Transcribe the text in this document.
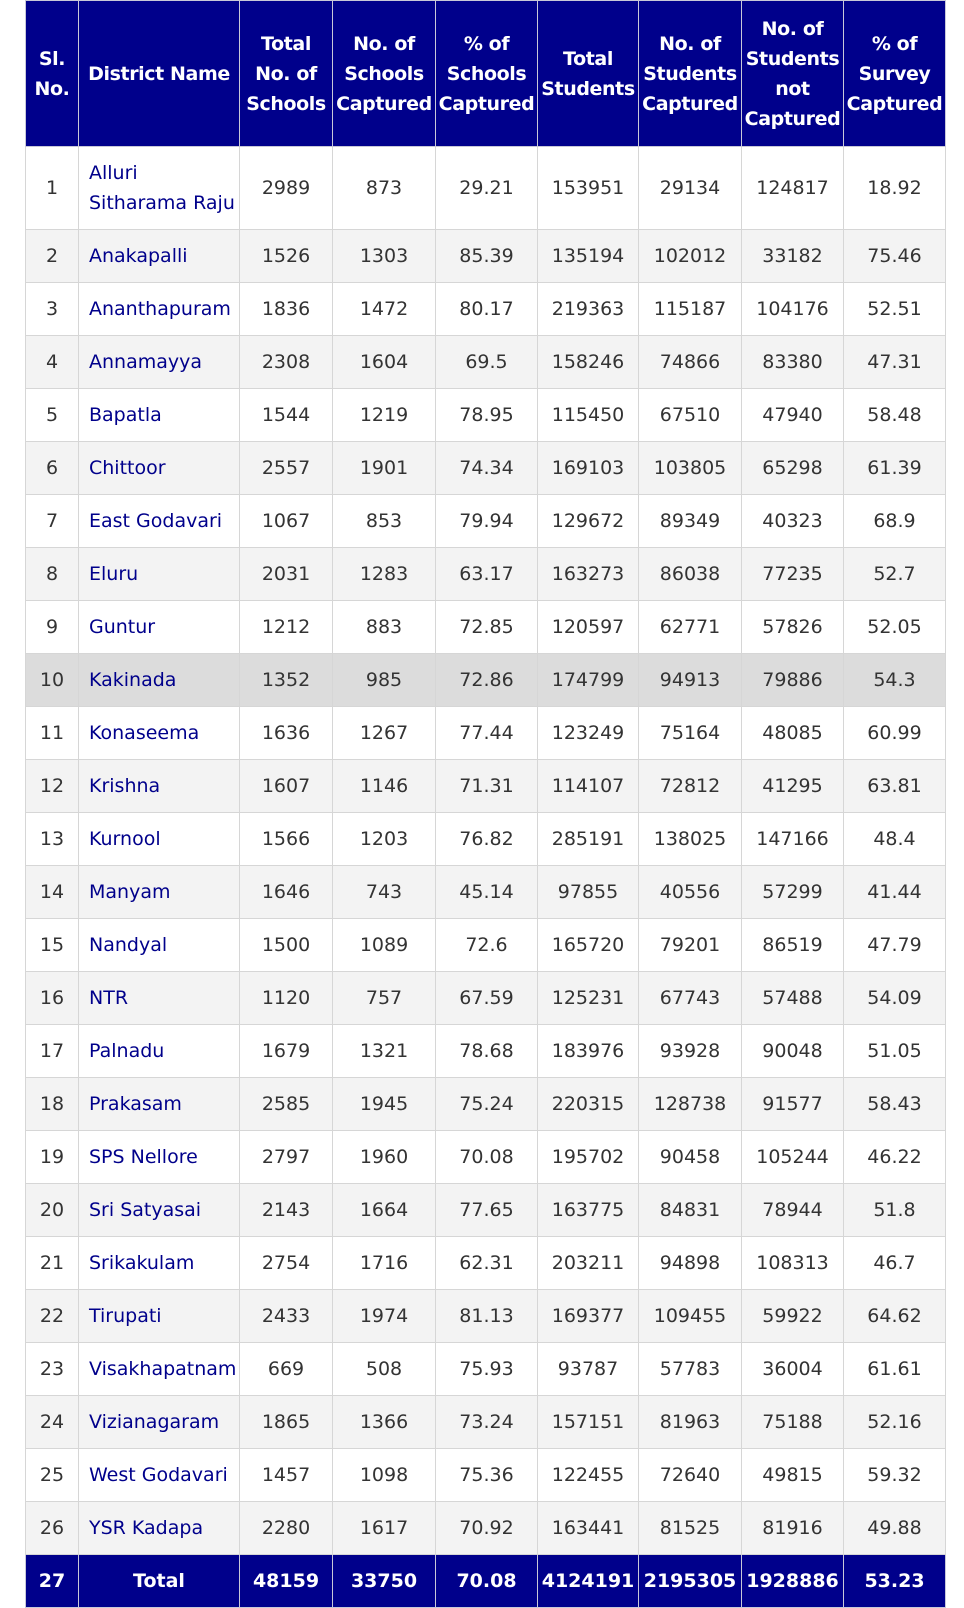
Sl. No.	District Name	Total No. of Schools	No. of Schools Captured	% of Schools Captured	Total Students	No. of Students Captured	No. of Students not Captured	% of Survey Captured
1	Alluri Sitharama Raju	2989	873	29.21	153951	29134	124817	18.92
2	Anakapalli	1526	1303	85.39	135194	102012	33182	75.46
3	Ananthapuram	1836	1472	80.17	219363	115187	104176	52.51
4	Annamayya	2308	1604	69.5	158246	74866	83380	47.31
5	Bapatla	1544	1219	78.95	115450	67510	47940	58.48
6	Chittoor	2557	1901	74.34	169103	103805	65298	61.39
7	East Godavari	1067	853	79.94	129672	89349	40323	68.9
8	Eluru	2031	1283	63.17	163273	86038	77235	52.7
9	Guntur	1212	883	72.85	120597	62771	57826	52.05
10	Kakinada	1352	985	72.86	174799	94913	79886	54.3
11	Konaseema	1636	1267	77.44	123249	75164	48085	60.99
12	Krishna	1607	1146	71.31	114107	72812	41295	63.81
13	Kurnool	1566	1203	76.82	285191	138025	147166	48.4
14	Manyam	1646	743	45.14	97855	40556	57299	41.44
15	Nandyal	1500	1089	72.6	165720	79201	86519	47.79
16	NTR	1120	757	67.59	125231	67743	57488	54.09
17	Palnadu	1679	1321	78.68	183976	93928	90048	51.05
18	Prakasam	2585	1945	75.24	220315	128738	91577	58.43
19	SPS Nellore	2797	1960	70.08	195702	90458	105244	46.22
20	Sri Satyasai	2143	1664	77.65	163775	84831	78944	51.8
21	Srikakulam	2754	1716	62.31	203211	94898	108313	46.7
22	Tirupati	2433	1974	81.13	169377	109455	59922	64.62
23	Visakhapatnam	669	508	75.93	93787	57783	36004	61.61
24	Vizianagaram	1865	1366	73.24	157151	81963	75188	52.16
25	West Godavari	1457	1098	75.36	122455	72640	49815	59.32
26	YSR Kadapa	2280	1617	70.92	163441	81525	81916	49.88
27	Total	48159	33750	70.08	4124191	2195305	1928886	53.23
